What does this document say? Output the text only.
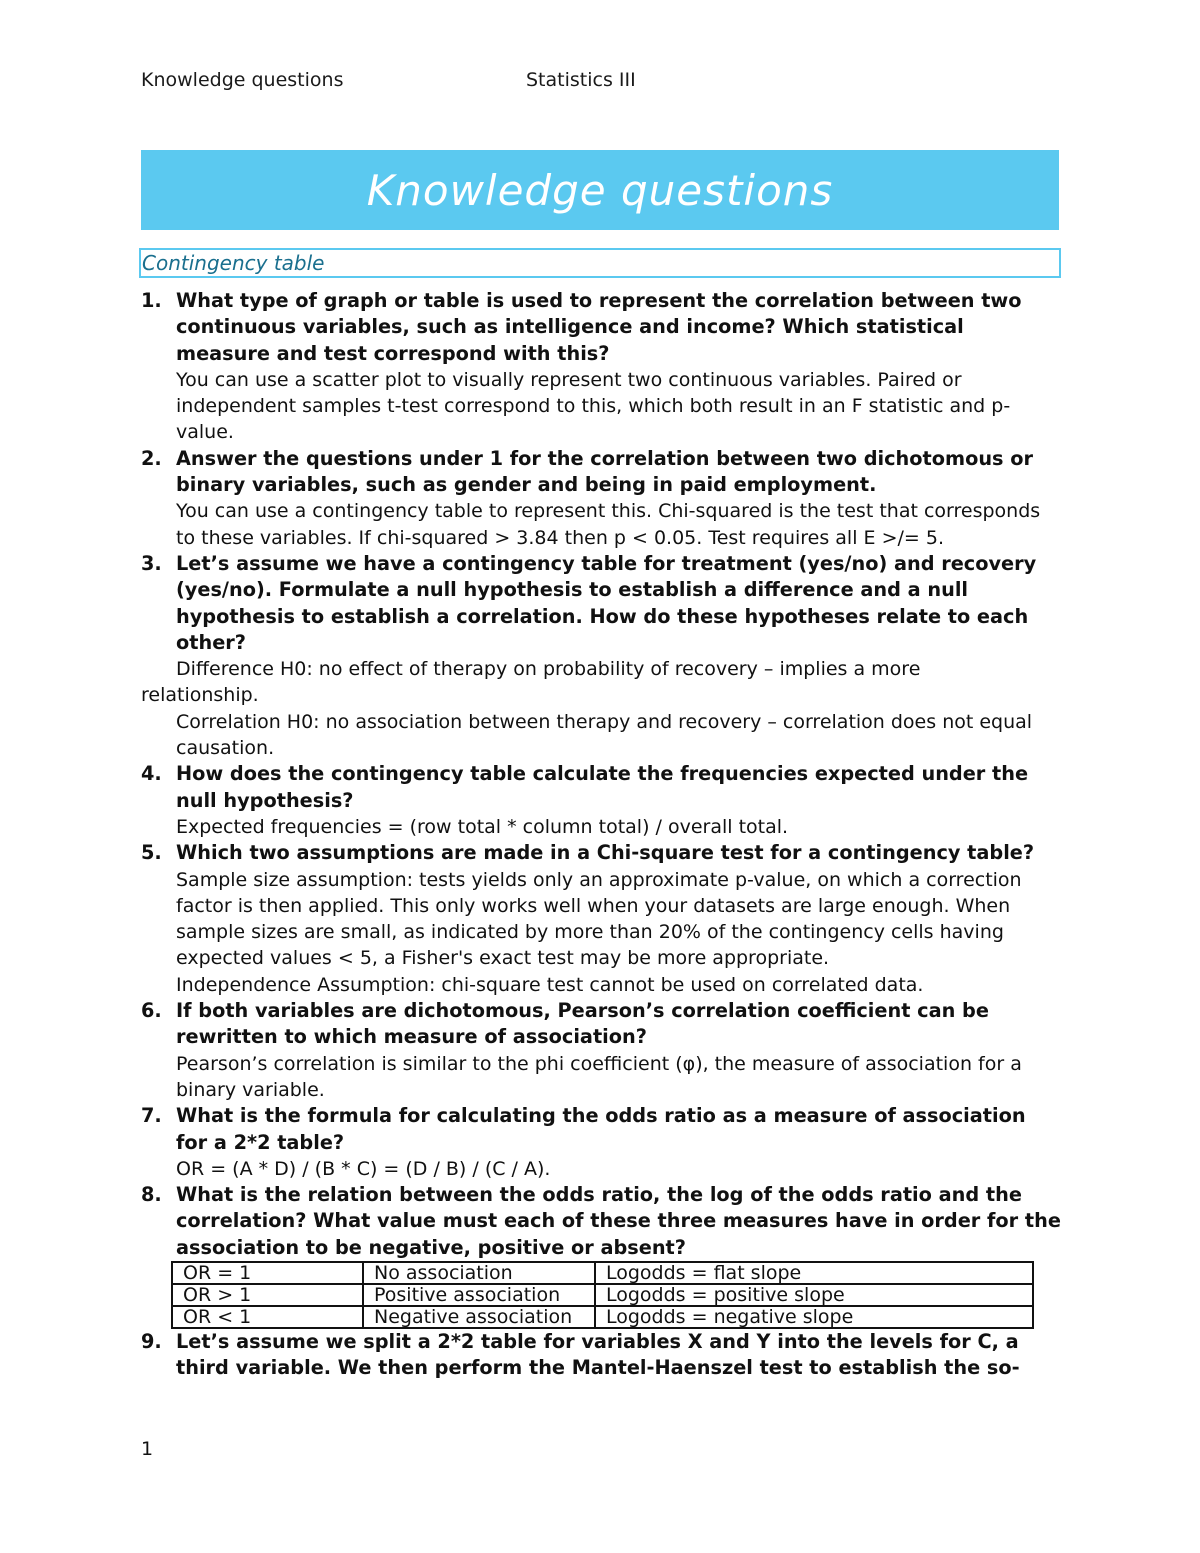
Knowledge questions	Statistics III
Knowledge questions
Contingency table
1. What type of graph or table is used to represent the correlation between two continuous variables, such as intelligence and income? Which statistical measure and test correspond with this?
You can use a scatter plot to visually represent two continuous variables. Paired or independent samples t-test correspond to this, which both result in an F statistic and p-value.
2. Answer the questions under 1 for the correlation between two dichotomous or binary variables, such as gender and being in paid employment.
You can use a contingency table to represent this. Chi-squared is the test that corresponds to these variables. If chi-squared > 3.84 then p < 0.05. Test requires all E >/= 5.
3. Let’s assume we have a contingency table for treatment (yes/no) and recovery (yes/no). Formulate a null hypothesis to establish a difference and a null hypothesis to establish a correlation. How do these hypotheses relate to each other?
Difference H0: no effect of therapy on probability of recovery – implies a more
relationship.
Correlation H0: no association between therapy and recovery – correlation does not equal causation.
4. How does the contingency table calculate the frequencies expected under the null hypothesis?
Expected frequencies = (row total * column total) / overall total.
5. Which two assumptions are made in a Chi-square test for a contingency table?
Sample size assumption: tests yields only an approximate p-value, on which a correction factor is then applied. This only works well when your datasets are large enough. When sample sizes are small, as indicated by more than 20% of the contingency cells having expected values < 5, a Fisher's exact test may be more appropriate.
Independence Assumption: chi-square test cannot be used on correlated data.
6. If both variables are dichotomous, Pearson’s correlation coefficient can be rewritten to which measure of association?
Pearson’s correlation is similar to the phi coefficient (φ), the measure of association for a binary variable.
7. What is the formula for calculating the odds ratio as a measure of association for a 2*2 table?
OR = (A * D) / (B * C) = (D / B) / (C / A).
8. What is the relation between the odds ratio, the log of the odds ratio and the correlation? What value must each of these three measures have in order for the association to be negative, positive or absent?
OR = 1	No association	Logodds = flat slope
OR > 1	Positive association	Logodds = positive slope
OR < 1	Negative association	Logodds = negative slope
9. Let’s assume we split a 2*2 table for variables X and Y into the levels for C, a third variable. We then perform the Mantel-Haenszel test to establish the so-
1
